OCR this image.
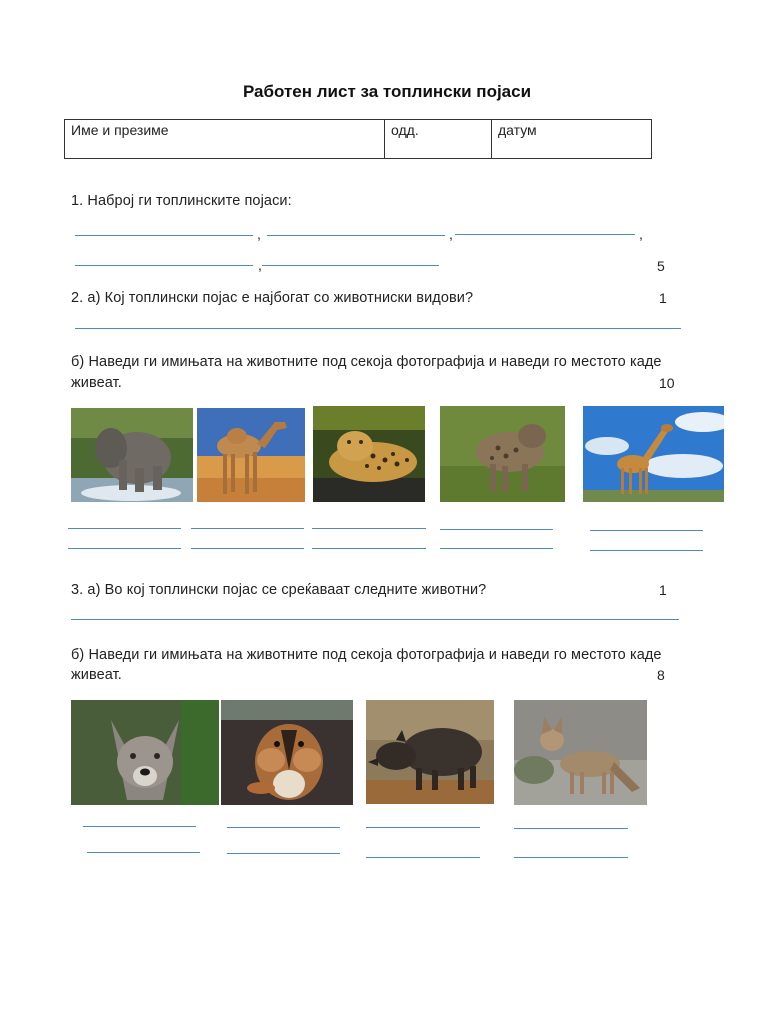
Работен лист за топлински појаси
Име и презиме	одд.	датум
1. Наброј ги топлинските појаси:
,	,	,
,	5
2. а) Кој топлински појас е најбогат со животниски видови?	1
б) Наведи ги имињата на животните под секоја фотографија и наведи го местото каде
живеат.	10
3. а) Во кој топлински појас се среќаваат следните животни?	1
б) Наведи ги имињата на животните под секоја фотографија и наведи го местото каде
живеат.	8
